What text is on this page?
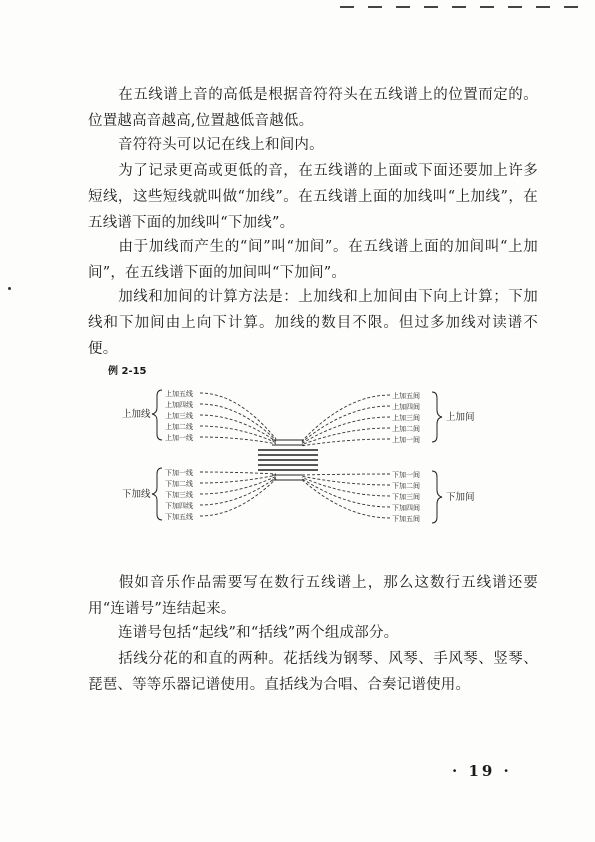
在五线谱上音的高低是根据音符符头在五线谱上的位置而定的。位置越高音越高,位置越低音越低。

音符符头可以记在线上和间内。

为了记录更高或更低的音，在五线谱的上面或下面还要加上许多短线，这些短线就叫做“加线”。在五线谱上面的加线叫“上加线”，在五线谱下面的加线叫“下加线”。

由于加线而产生的“间”叫“加间”。在五线谱上面的加间叫“上加间”，在五线谱下面的加间叫“下加间”。

加线和加间的计算方法是：上加线和上加间由下向上计算；下加线和下加间由上向下计算。加线的数目不限。但过多加线对读谱不便。

例 2-15
上加五线
上加四线
上加三线
上加二线
上加一线
上加线
上加五间
上加四间
上加三间
上加二间
上加一间
上加间
下加一线
下加二线
下加三线
下加四线
下加五线
下加线
下加一间
下加二间
下加三间
下加四间
下加五间
下加间

假如音乐作品需要写在数行五线谱上，那么这数行五线谱还要用“连谱号”连结起来。

连谱号包括“起线”和“括线”两个组成部分。

括线分花的和直的两种。花括线为钢琴、风琴、手风琴、竖琴、琵琶、等等乐器记谱使用。直括线为合唱、合奏记谱使用。

· 19 ·
